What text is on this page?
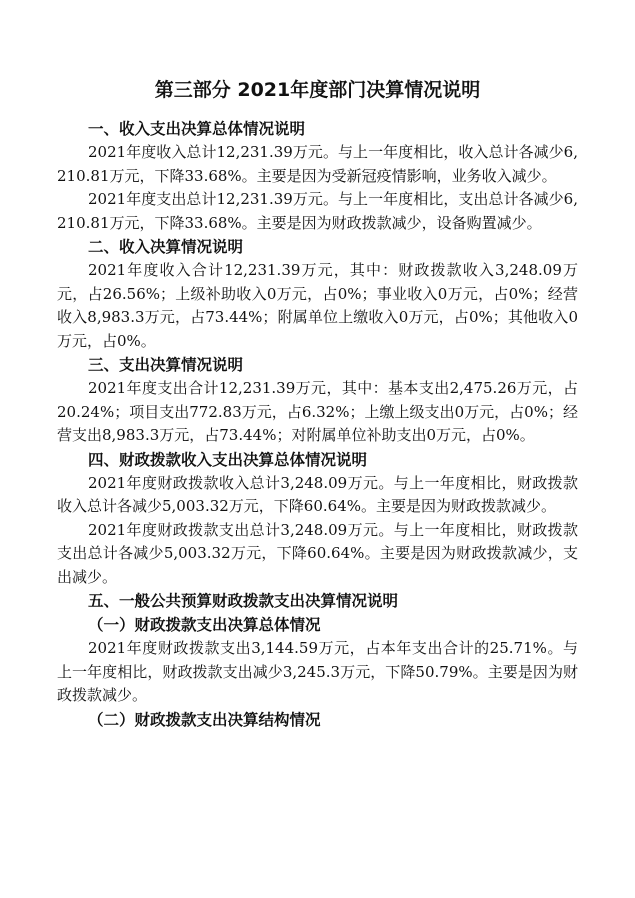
第三部分 2021年度部门决算情况说明
一、收入支出决算总体情况说明

2021年度收入总计12,231.39万元。与上一年度相比，收入总计各减少6,210.81万元，下降33.68%。主要是因为受新冠疫情影响，业务收入减少。

2021年度支出总计12,231.39万元。与上一年度相比，支出总计各减少6,210.81万元，下降33.68%。主要是因为财政拨款减少，设备购置减少。

二、收入决算情况说明

2021年度收入合计12,231.39万元，其中：财政拨款收入3,248.09万元，占26.56%；上级补助收入0万元，占0%；事业收入0万元，占0%；经营收入8,983.3万元，占73.44%；附属单位上缴收入0万元，占0%；其他收入0万元，占0%。

三、支出决算情况说明

2021年度支出合计12,231.39万元，其中：基本支出2,475.26万元，占20.24%；项目支出772.83万元，占6.32%；上缴上级支出0万元，占0%；经营支出8,983.3万元，占73.44%；对附属单位补助支出0万元，占0%。

四、财政拨款收入支出决算总体情况说明

2021年度财政拨款收入总计3,248.09万元。与上一年度相比，财政拨款收入总计各减少5,003.32万元，下降60.64%。主要是因为财政拨款减少。

2021年度财政拨款支出总计3,248.09万元。与上一年度相比，财政拨款支出总计各减少5,003.32万元，下降60.64%。主要是因为财政拨款减少，支出减少。

五、一般公共预算财政拨款支出决算情况说明
（一）财政拨款支出决算总体情况

2021年度财政拨款支出3,144.59万元，占本年支出合计的25.71%。与上一年度相比，财政拨款支出减少3,245.3万元，下降50.79%。主要是因为财政拨款减少。

（二）财政拨款支出决算结构情况
